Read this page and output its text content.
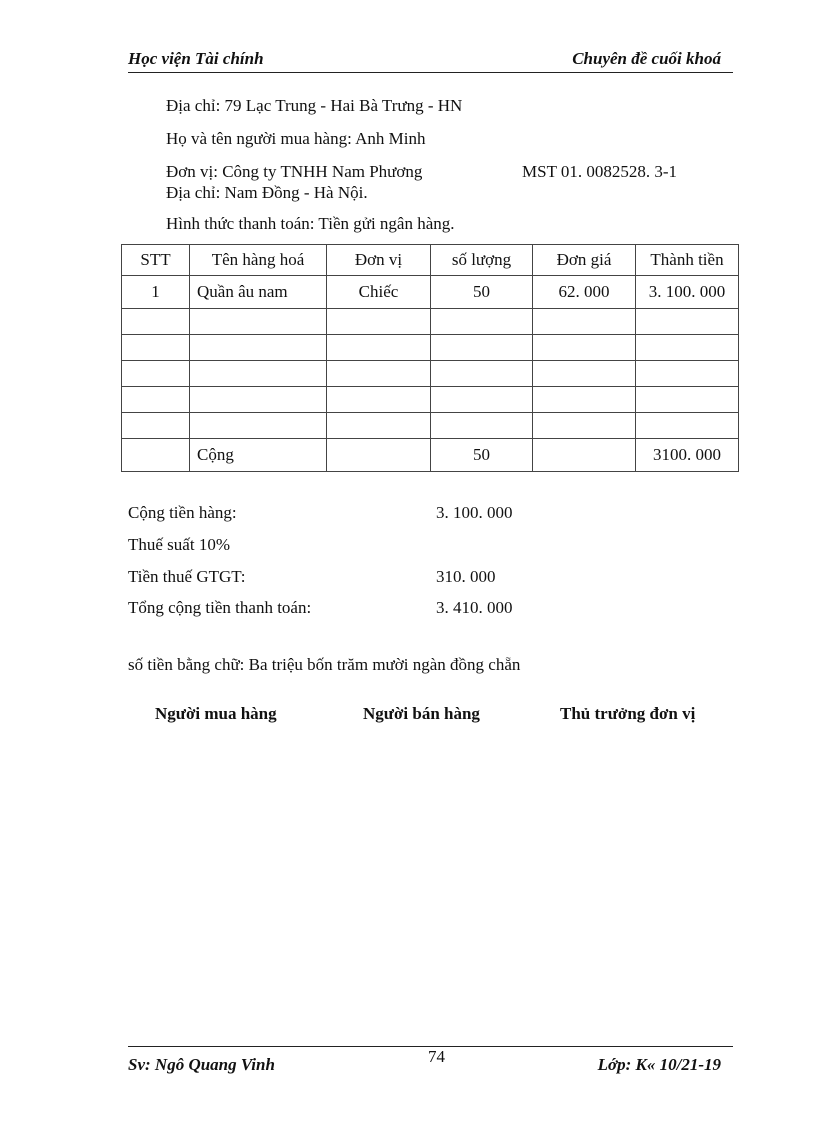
Học viện Tài chính	Chuyên đề cuối khoá
Địa chỉ: 79 Lạc Trung - Hai Bà Trưng - HN
Họ và tên người mua hàng: Anh Minh
Đơn vị: Công ty TNHH Nam Phương	MST 01. 0082528. 3-1
Địa chỉ: Nam Đồng - Hà Nội.
Hình thức thanh toán: Tiền gửi ngân hàng.
STT	Tên hàng hoá	Đơn vị	số lượng	Đơn giá	Thành tiền
1	Quần âu nam	Chiếc	50	62. 000	3. 100. 000

	Cộng		50		3100. 000
Cộng tiền hàng:	3. 100. 000
Thuế suất 10%
Tiền thuế GTGT:	310. 000
Tổng cộng tiền thanh toán:	3. 410. 000
số tiền bằng chữ: Ba triệu bốn trăm mười ngàn đồng chẵn
Người mua hàng	Người bán hàng	Thủ trưởng đơn vị
Sv: Ngô Quang Vinh	74	Lớp: K« 10/21-19
